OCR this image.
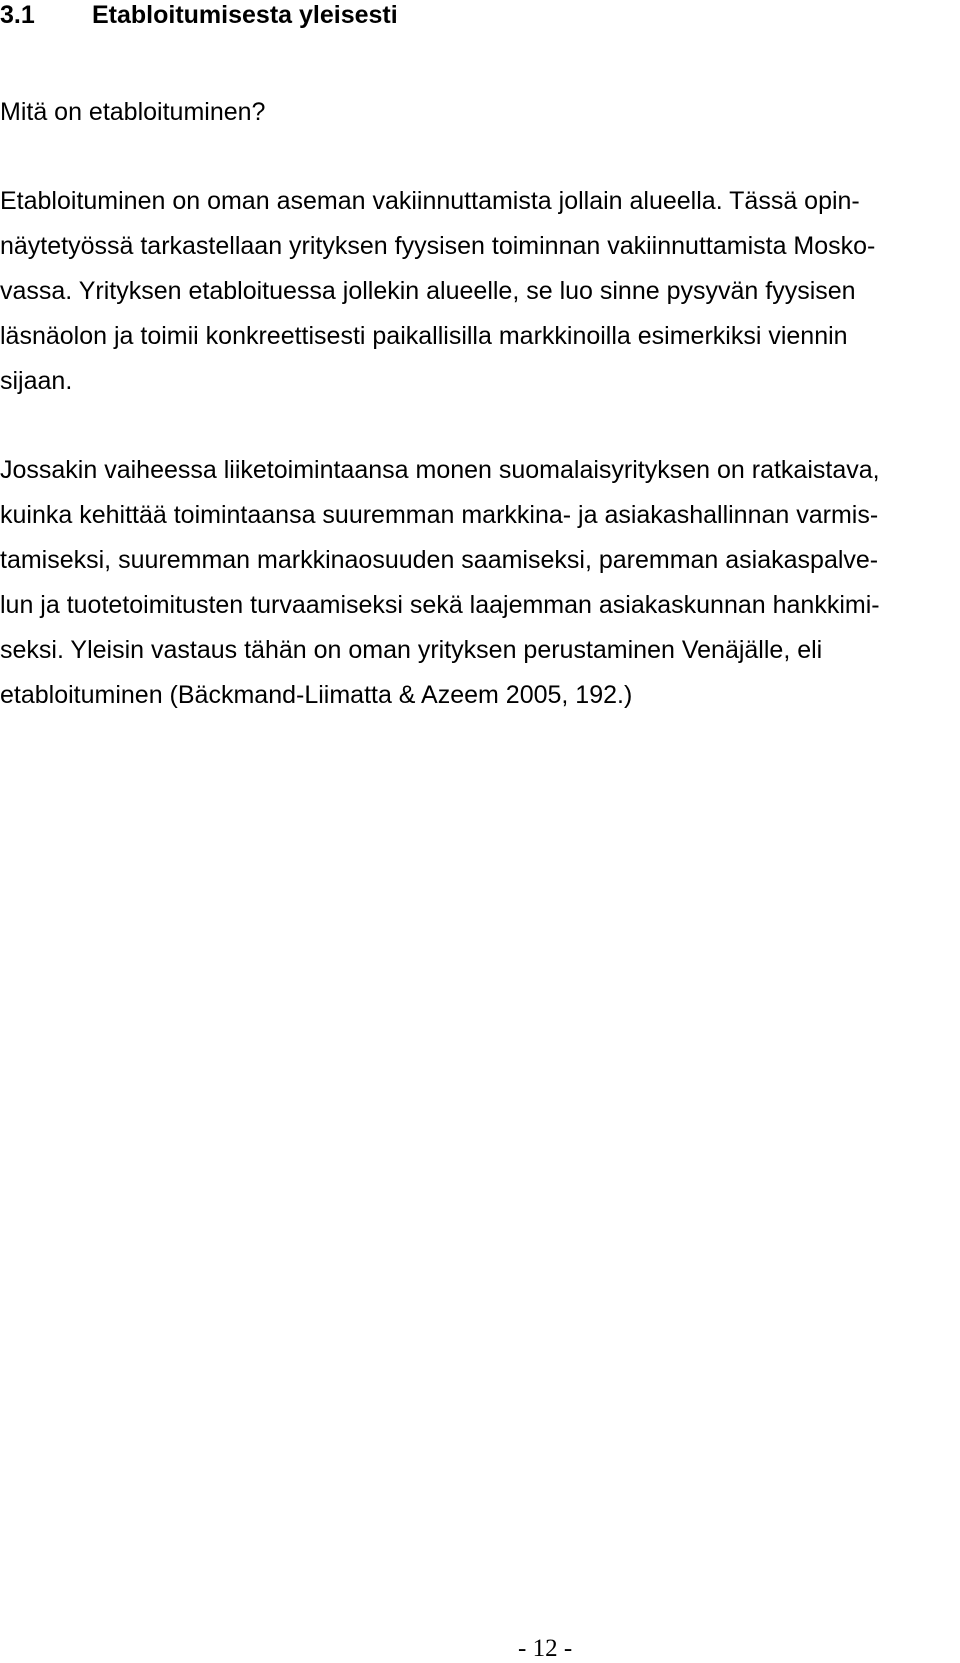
3.1 Etabloitumisesta yleisesti

Mitä on etabloituminen?

Etabloituminen on oman aseman vakiinnuttamista jollain alueella. Tässä opin-

näytetyössä tarkastellaan yrityksen fyysisen toiminnan vakiinnuttamista Mosko-

vassa. Yrityksen etabloituessa jollekin alueelle, se luo sinne pysyvän fyysisen

läsnäolon ja toimii konkreettisesti paikallisilla markkinoilla esimerkiksi viennin

sijaan.

Jossakin vaiheessa liiketoimintaansa monen suomalaisyrityksen on ratkaistava,

kuinka kehittää toimintaansa suuremman markkina- ja asiakashallinnan varmis-

tamiseksi, suuremman markkinaosuuden saamiseksi, paremman asiakaspalve-

lun ja tuotetoimitusten turvaamiseksi sekä laajemman asiakaskunnan hankkimi-

seksi. Yleisin vastaus tähän on oman yrityksen perustaminen Venäjälle, eli

etabloituminen (Bäckmand-Liimatta & Azeem 2005, 192.)

- 12 -
